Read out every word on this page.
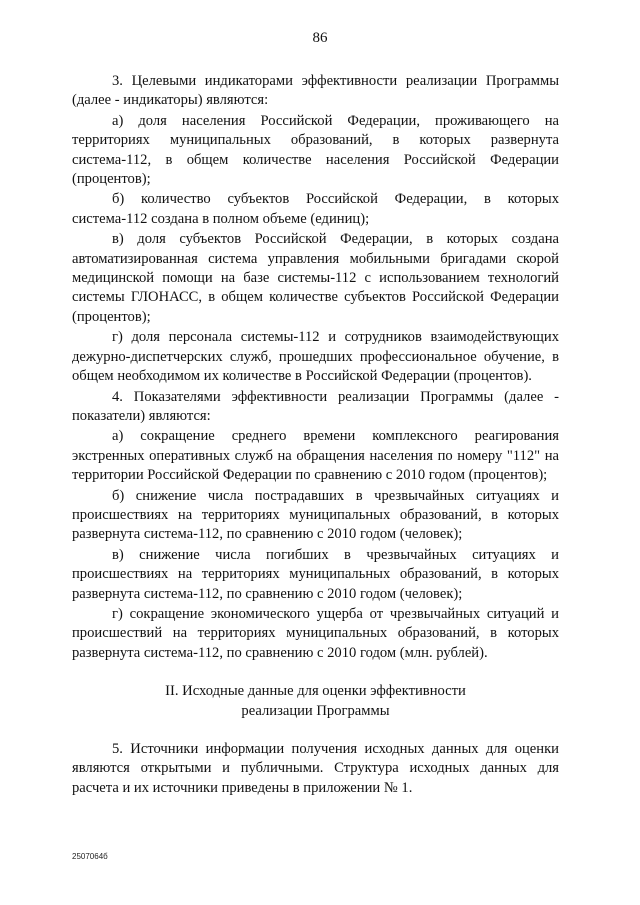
86

3. Целевыми индикаторами эффективности реализации Программы (далее - индикаторы) являются:

а) доля населения Российской Федерации, проживающего на территориях муниципальных образований, в которых развернута система-112, в общем количестве населения Российской Федерации (процентов);

б) количество субъектов Российской Федерации, в которых система-112 создана в полном объеме (единиц);

в) доля субъектов Российской Федерации, в которых создана автоматизированная система управления мобильными бригадами скорой медицинской помощи на базе системы-112 с использованием технологий системы ГЛОНАСС, в общем количестве субъектов Российской Федерации (процентов);

г) доля персонала системы-112 и сотрудников взаимодействующих дежурно-диспетчерских служб, прошедших профессиональное обучение, в общем необходимом их количестве в Российской Федерации (процентов).

4. Показателями эффективности реализации Программы (далее - показатели) являются:

а) сокращение среднего времени комплексного реагирования экстренных оперативных служб на обращения населения по номеру "112" на территории Российской Федерации по сравнению с 2010 годом (процентов);

б) снижение числа пострадавших в чрезвычайных ситуациях и происшествиях на территориях муниципальных образований, в которых развернута система-112, по сравнению с 2010 годом (человек);

в) снижение числа погибших в чрезвычайных ситуациях и происшествиях на территориях муниципальных образований, в которых развернута система-112, по сравнению с 2010 годом (человек);

г) сокращение экономического ущерба от чрезвычайных ситуаций и происшествий на территориях муниципальных образований, в которых развернута система-112, по сравнению с 2010 годом (млн. рублей).

II. Исходные данные для оценки эффективности
реализации Программы

5. Источники информации получения исходных данных для оценки являются открытыми и публичными. Структура исходных данных для расчета и их источники приведены в приложении № 1.

2507064б
